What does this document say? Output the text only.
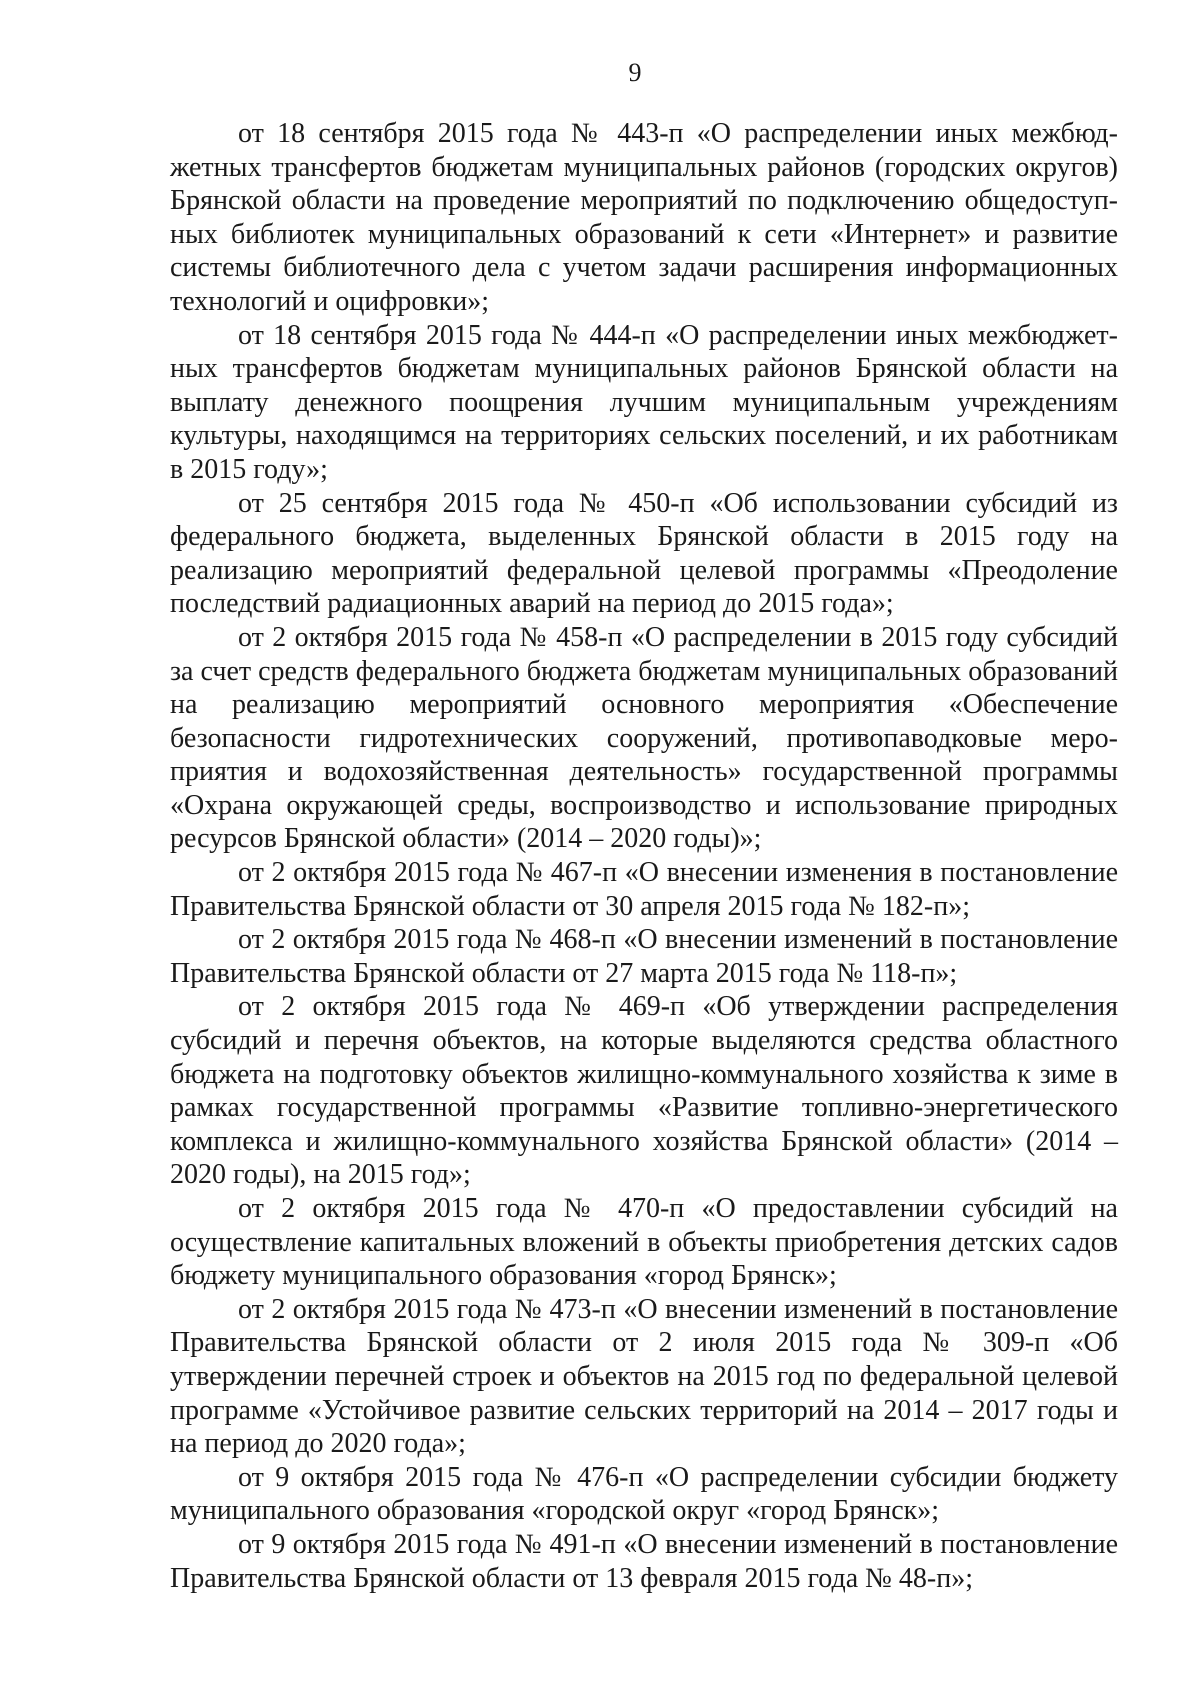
9

от 18 сентября 2015 года № 443-п «О распределении иных межбюджетных трансфертов бюджетам муниципальных районов (городских округов) Брянской области на проведение мероприятий по подключению общедоступных библиотек муниципальных образований к сети «Интернет» и развитие системы библиотечного дела с учетом задачи расширения информационных технологий и оцифровки»;

от 18 сентября 2015 года № 444-п «О распределении иных межбюджетных трансфертов бюджетам муниципальных районов Брянской области на выплату денежного поощрения лучшим муниципальным учреждениям культуры, находящимся на территориях сельских поселений, и их работникам в 2015 году»;

от 25 сентября 2015 года № 450-п «Об использовании субсидий из федерального бюджета, выделенных Брянской области в 2015 году на реализацию мероприятий федеральной целевой программы «Преодоление последствий радиационных аварий на период до 2015 года»;

от 2 октября 2015 года № 458-п «О распределении в 2015 году субсидий за счет средств федерального бюджета бюджетам муниципальных образований на реализацию мероприятий основного мероприятия «Обеспечение безопасности гидротехнических сооружений, противопаводковые мероприятия и водохозяйственная деятельность» государственной программы «Охрана окружающей среды, воспроизводство и использование природных ресурсов Брянской области» (2014 – 2020 годы)»;

от 2 октября 2015 года № 467-п «О внесении изменения в постановление Правительства Брянской области от 30 апреля 2015 года № 182-п»;

от 2 октября 2015 года № 468-п «О внесении изменений в постановление Правительства Брянской области от 27 марта 2015 года № 118-п»;

от 2 октября 2015 года № 469-п «Об утверждении распределения субсидий и перечня объектов, на которые выделяются средства областного бюджета на подготовку объектов жилищно-коммунального хозяйства к зиме в рамках государственной программы «Развитие топливно-энергетического комплекса и жилищно-коммунального хозяйства Брянской области» (2014 – 2020 годы), на 2015 год»;

от 2 октября 2015 года № 470-п «О предоставлении субсидий на осуществление капитальных вложений в объекты приобретения детских садов бюджету муниципального образования «город Брянск»;

от 2 октября 2015 года № 473-п «О внесении изменений в постановление Правительства Брянской области от 2 июля 2015 года № 309-п «Об утверждении перечней строек и объектов на 2015 год по федеральной целевой программе «Устойчивое развитие сельских территорий на 2014 – 2017 годы и на период до 2020 года»;

от 9 октября 2015 года № 476-п «О распределении субсидии бюджету муниципального образования «городской округ «город Брянск»;

от 9 октября 2015 года № 491-п «О внесении изменений в постановление Правительства Брянской области от 13 февраля 2015 года № 48-п»;
